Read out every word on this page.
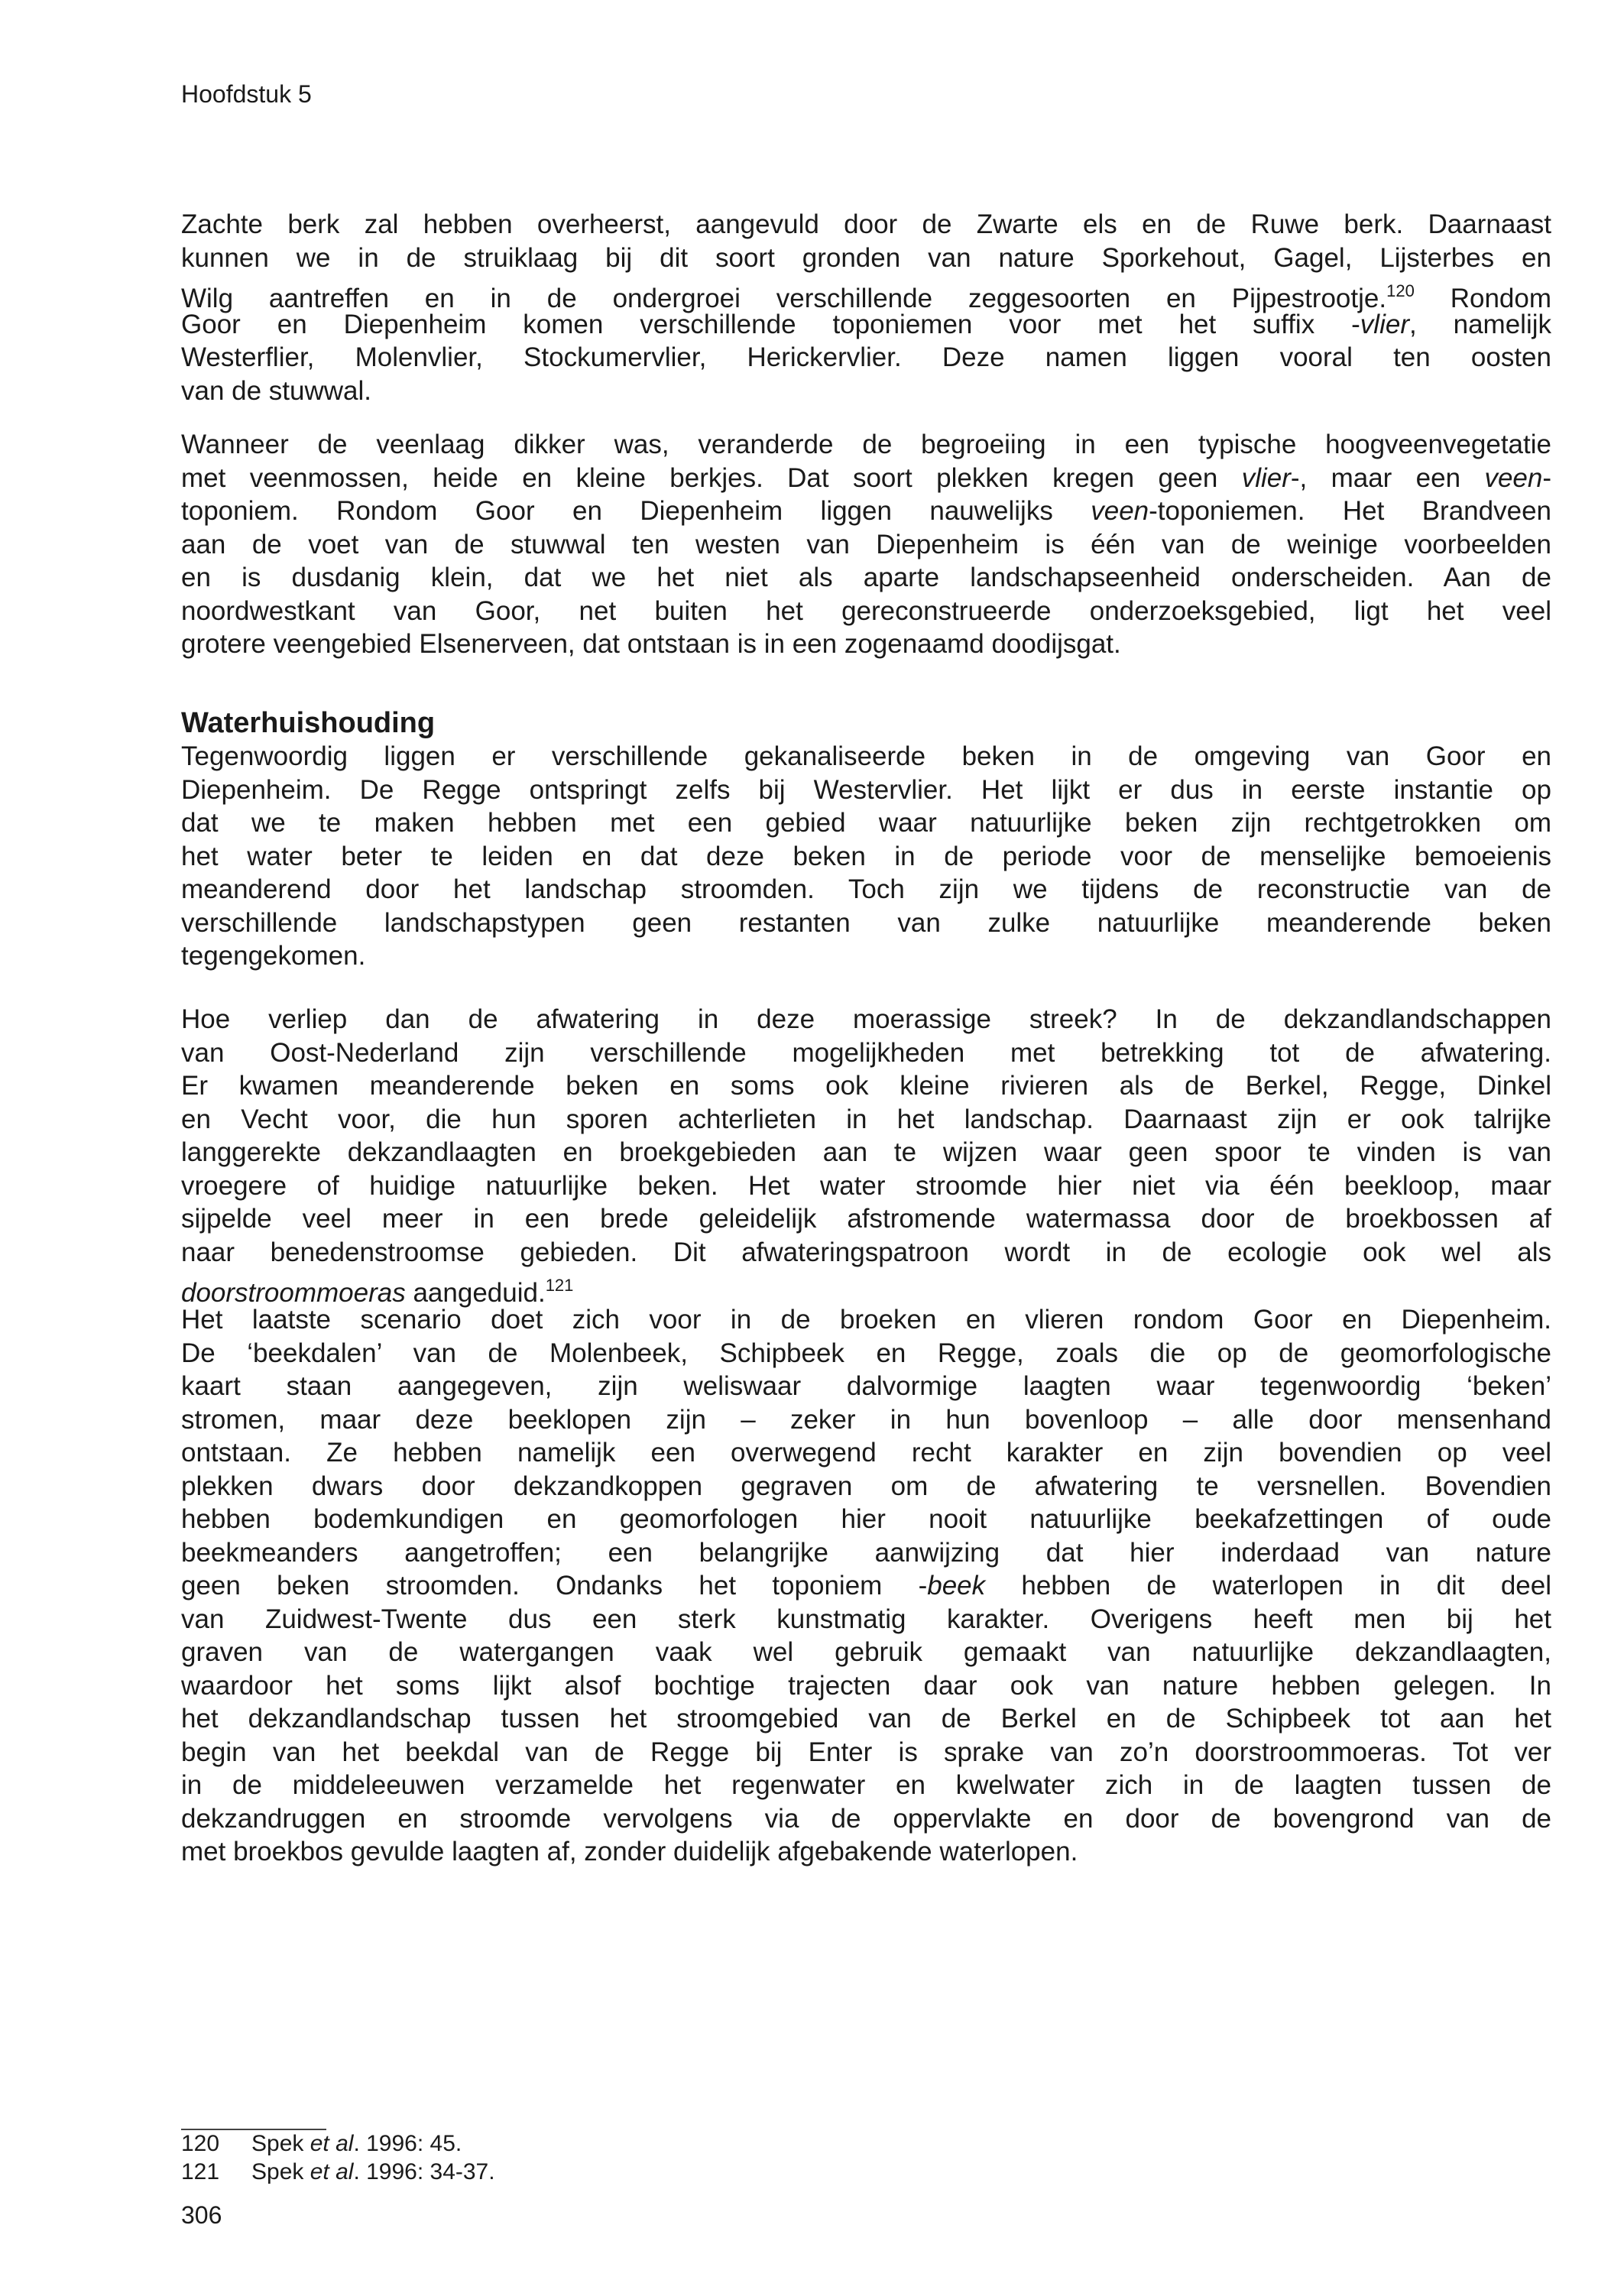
Hoofdstuk 5
Zachte berk zal hebben overheerst, aangevuld door de Zwarte els en de Ruwe berk. Daarnaast
kunnen we in de struiklaag bij dit soort gronden van nature Sporkehout, Gagel, Lijsterbes en
Wilg aantreffen en in de ondergroei verschillende zeggesoorten en Pijpestrootje.$^{120}$ Rondom
Goor en Diepenheim komen verschillende toponiemen voor met het suffix -vlier, namelijk
Westerflier, Molenvlier, Stockumervlier, Herickervlier. Deze namen liggen vooral ten oosten
van de stuwwal.
Wanneer de veenlaag dikker was, veranderde de begroeiing in een typische hoogveenvegetatie
met veenmossen, heide en kleine berkjes. Dat soort plekken kregen geen vlier-, maar een veen-
toponiem. Rondom Goor en Diepenheim liggen nauwelijks veen-toponiemen. Het Brandveen
aan de voet van de stuwwal ten westen van Diepenheim is één van de weinige voorbeelden
en is dusdanig klein, dat we het niet als aparte landschapseenheid onderscheiden. Aan de
noordwestkant van Goor, net buiten het gereconstrueerde onderzoeksgebied, ligt het veel
grotere veengebied Elsenerveen, dat ontstaan is in een zogenaamd doodijsgat.
Waterhuishouding
Tegenwoordig liggen er verschillende gekanaliseerde beken in de omgeving van Goor en
Diepenheim. De Regge ontspringt zelfs bij Westervlier. Het lijkt er dus in eerste instantie op
dat we te maken hebben met een gebied waar natuurlijke beken zijn rechtgetrokken om
het water beter te leiden en dat deze beken in de periode voor de menselijke bemoeienis
meanderend door het landschap stroomden. Toch zijn we tijdens de reconstructie van de
verschillende landschapstypen geen restanten van zulke natuurlijke meanderende beken
tegengekomen.
Hoe verliep dan de afwatering in deze moerassige streek? In de dekzandlandschappen
van Oost-Nederland zijn verschillende mogelijkheden met betrekking tot de afwatering.
Er kwamen meanderende beken en soms ook kleine rivieren als de Berkel, Regge, Dinkel
en Vecht voor, die hun sporen achterlieten in het landschap. Daarnaast zijn er ook talrijke
langgerekte dekzandlaagten en broekgebieden aan te wijzen waar geen spoor te vinden is van
vroegere of huidige natuurlijke beken. Het water stroomde hier niet via één beekloop, maar
sijpelde veel meer in een brede geleidelijk afstromende watermassa door de broekbossen af
naar benedenstroomse gebieden. Dit afwateringspatroon wordt in de ecologie ook wel als
doorstroommoeras aangeduid.$^{121}$
Het laatste scenario doet zich voor in de broeken en vlieren rondom Goor en Diepenheim.
De ‘beekdalen’ van de Molenbeek, Schipbeek en Regge, zoals die op de geomorfologische
kaart staan aangegeven, zijn weliswaar dalvormige laagten waar tegenwoordig ‘beken’
stromen, maar deze beeklopen zijn – zeker in hun bovenloop – alle door mensenhand
ontstaan. Ze hebben namelijk een overwegend recht karakter en zijn bovendien op veel
plekken dwars door dekzandkoppen gegraven om de afwatering te versnellen. Bovendien
hebben bodemkundigen en geomorfologen hier nooit natuurlijke beekafzettingen of oude
beekmeanders aangetroffen; een belangrijke aanwijzing dat hier inderdaad van nature
geen beken stroomden. Ondanks het toponiem -beek hebben de waterlopen in dit deel
van Zuidwest-Twente dus een sterk kunstmatig karakter. Overigens heeft men bij het
graven van de watergangen vaak wel gebruik gemaakt van natuurlijke dekzandlaagten,
waardoor het soms lijkt alsof bochtige trajecten daar ook van nature hebben gelegen. In
het dekzandlandschap tussen het stroomgebied van de Berkel en de Schipbeek tot aan het
begin van het beekdal van de Regge bij Enter is sprake van zo’n doorstroommoeras. Tot ver
in de middeleeuwen verzamelde het regenwater en kwelwater zich in de laagten tussen de
dekzandruggen en stroomde vervolgens via de oppervlakte en door de bovengrond van de
met broekbos gevulde laagten af, zonder duidelijk afgebakende waterlopen.
120 Spek et al. 1996: 45.
121 Spek et al. 1996: 34-37.
306
